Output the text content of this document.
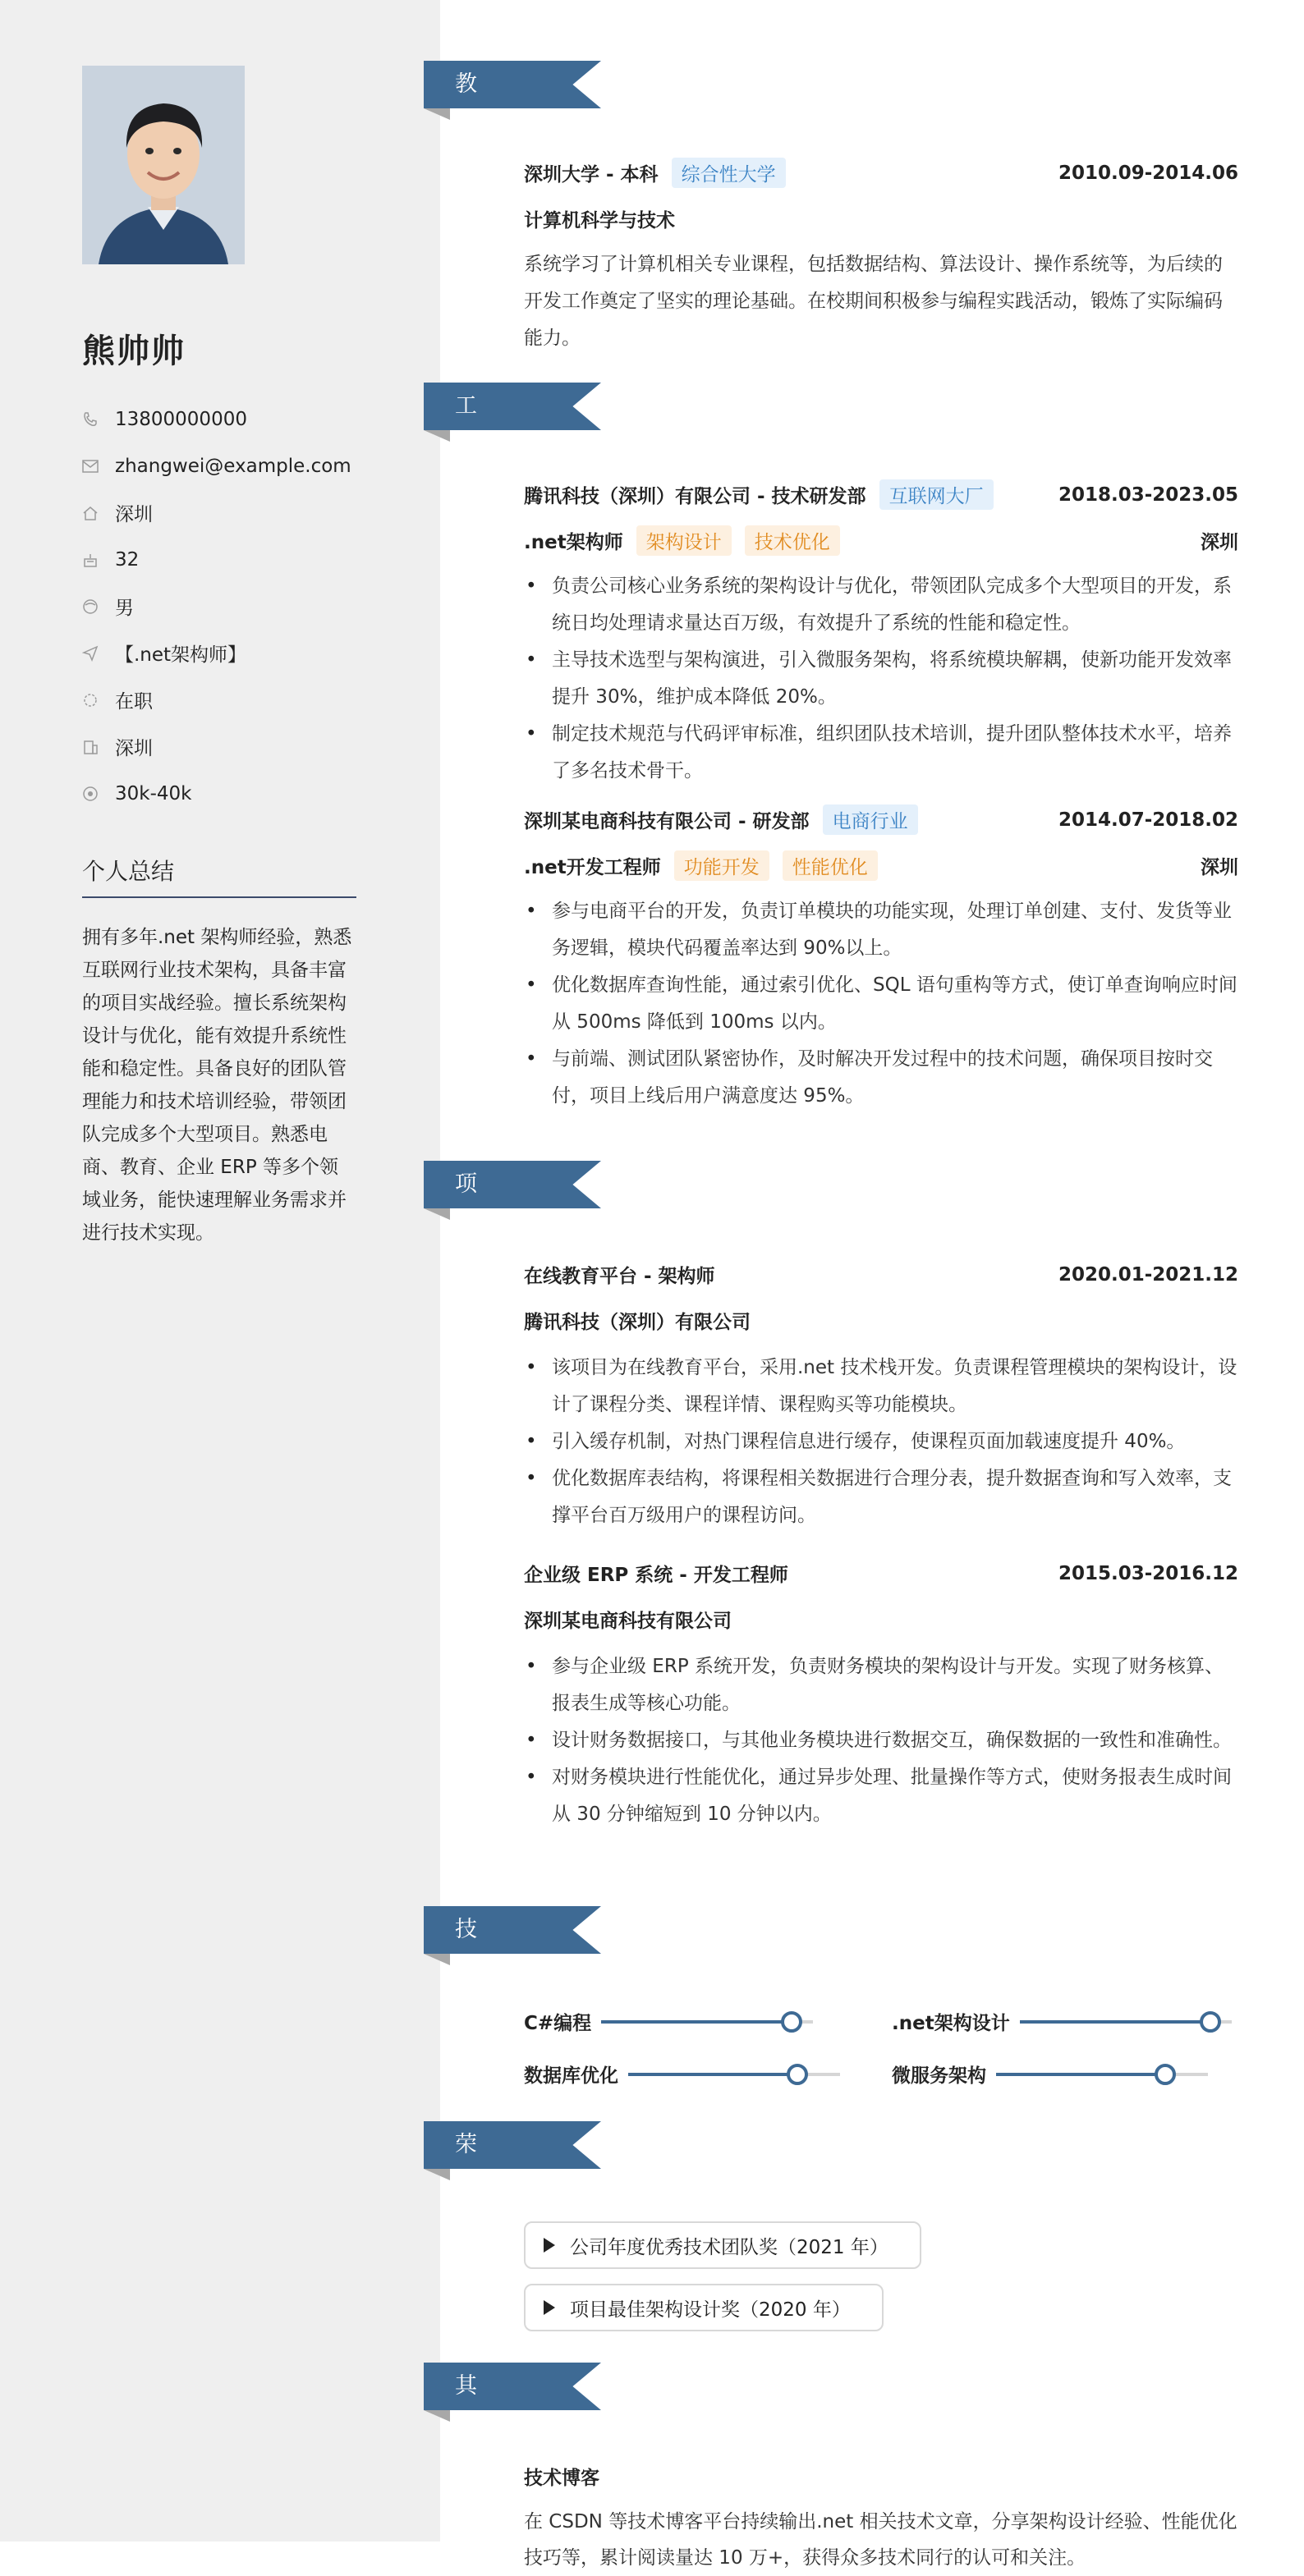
熊帅帅
13800000000
zhangwei@example.com
深圳
32
男
【.net架构师】
在职
深圳
30k-40k
个人总结
拥有多年.net 架构师经验，熟悉互联网行业技术架构，具备丰富的项目实战经验。擅长系统架构设计与优化，能有效提升系统性能和稳定性。具备良好的团队管理能力和技术培训经验，带领团队完成多个大型项目。熟悉电商、教育、企业 ERP 等多个领域业务，能快速理解业务需求并进行技术实现。
教育经历
深圳大学 - 本科	综合性大学	2010.09-2014.06
计算机科学与技术
系统学习了计算机相关专业课程，包括数据结构、算法设计、操作系统等，为后续的开发工作奠定了坚实的理论基础。在校期间积极参与编程实践活动，锻炼了实际编码能力。
工作经历
腾讯科技（深圳）有限公司 - 技术研发部	互联网大厂	2018.03-2023.05
.net架构师	架构设计	技术优化	深圳
• 负责公司核心业务系统的架构设计与优化，带领团队完成多个大型项目的开发，系统日均处理请求量达百万级，有效提升了系统的性能和稳定性。
• 主导技术选型与架构演进，引入微服务架构，将系统模块解耦，使新功能开发效率提升 30%，维护成本降低 20%。
• 制定技术规范与代码评审标准，组织团队技术培训，提升团队整体技术水平，培养了多名技术骨干。
深圳某电商科技有限公司 - 研发部	电商行业	2014.07-2018.02
.net开发工程师	功能开发	性能优化	深圳
• 参与电商平台的开发，负责订单模块的功能实现，处理订单创建、支付、发货等业务逻辑，模块代码覆盖率达到 90%以上。
• 优化数据库查询性能，通过索引优化、SQL 语句重构等方式，使订单查询响应时间从 500ms 降低到 100ms 以内。
• 与前端、测试团队紧密协作，及时解决开发过程中的技术问题，确保项目按时交付，项目上线后用户满意度达 95%。
项目经历
在线教育平台 - 架构师	2020.01-2021.12
腾讯科技（深圳）有限公司
• 该项目为在线教育平台，采用.net 技术栈开发。负责课程管理模块的架构设计，设计了课程分类、课程详情、课程购买等功能模块。
• 引入缓存机制，对热门课程信息进行缓存，使课程页面加载速度提升 40%。
• 优化数据库表结构，将课程相关数据进行合理分表，提升数据查询和写入效率，支撑平台百万级用户的课程访问。
企业级 ERP 系统 - 开发工程师	2015.03-2016.12
深圳某电商科技有限公司
• 参与企业级 ERP 系统开发，负责财务模块的架构设计与开发。实现了财务核算、报表生成等核心功能。
• 设计财务数据接口，与其他业务模块进行数据交互，确保数据的一致性和准确性。
• 对财务模块进行性能优化，通过异步处理、批量操作等方式，使财务报表生成时间从 30 分钟缩短到 10 分钟以内。
技能专长
C#编程	.net架构设计
数据库优化	微服务架构
荣誉奖项
公司年度优秀技术团队奖（2021 年）
项目最佳架构设计奖（2020 年）
其他信息
技术博客
在 CSDN 等技术博客平台持续输出.net 相关技术文章，分享架构设计经验、性能优化技巧等，累计阅读量达 10 万+，获得众多技术同行的认可和关注。
